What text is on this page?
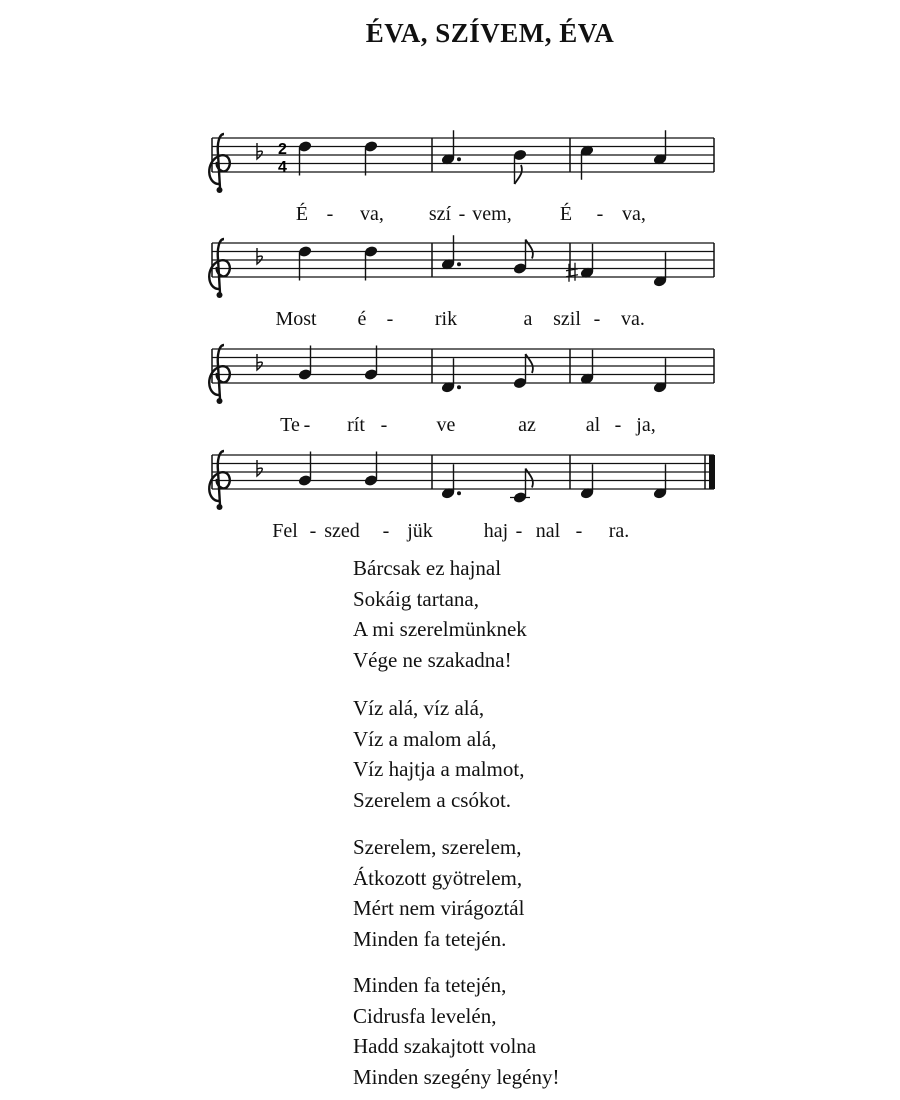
ÉVA, SZÍVEM, ÉVA
2
4
É - va, szí - vem, É - va,
Most é - rik	a szil - va.
Te - rít - ve	az al - ja,
Fel - szed - jük	haj - nal - ra.
Bárcsak ez hajnal
Sokáig tartana,
A mi szerelmünknek
Vége ne szakadna!
Víz alá, víz alá,
Víz a malom alá,
Víz hajtja a malmot,
Szerelem a csókot.
Szerelem, szerelem,
Átkozott gyötrelem,
Mért nem virágoztál
Minden fa tetején.
Minden fa tetején,
Cidrusfa levelén,
Hadd szakajtott volna
Minden szegény legény!
